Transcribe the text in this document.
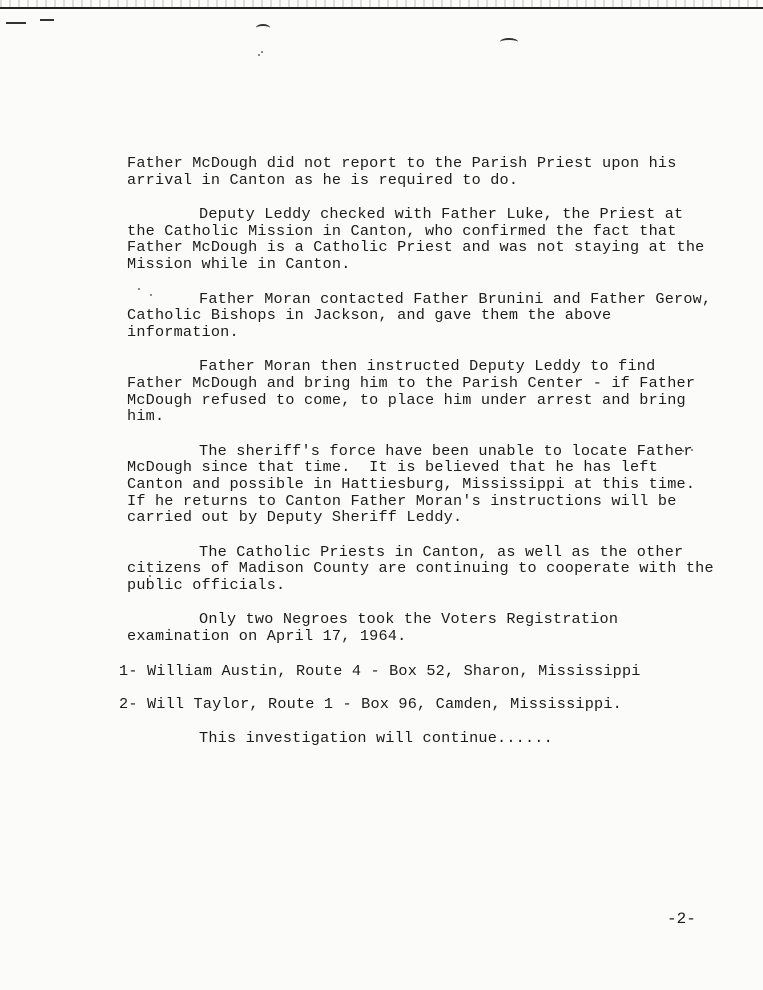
Father McDough did not report to the Parish Priest upon his arrival in Canton as he is required to do.

Deputy Leddy checked with Father Luke, the Priest at the Catholic Mission in Canton, who confirmed the fact that Father McDough is a Catholic Priest and was not staying at the Mission while in Canton.

Father Moran contacted Father Brunini and Father Gerow, Catholic Bishops in Jackson, and gave them the above information.

Father Moran then instructed Deputy Leddy to find Father McDough and bring him to the Parish Center - if Father McDough refused to come, to place him under arrest and bring him.

The sheriff's force have been unable to locate Father McDough since that time.  It is believed that he has left Canton and possible in Hattiesburg, Mississippi at this time.  If he returns to Canton Father Moran's instructions will be carried out by Deputy Sheriff Leddy.

The Catholic Priests in Canton, as well as the other citizens of Madison County are continuing to cooperate with the public officials.

Only two Negroes took the Voters Registration examination on April 17, 1964.

1- William Austin, Route 4 - Box 52, Sharon, Mississippi

2- Will Taylor, Route 1 - Box 96, Camden, Mississippi.

This investigation will continue......

-2-
